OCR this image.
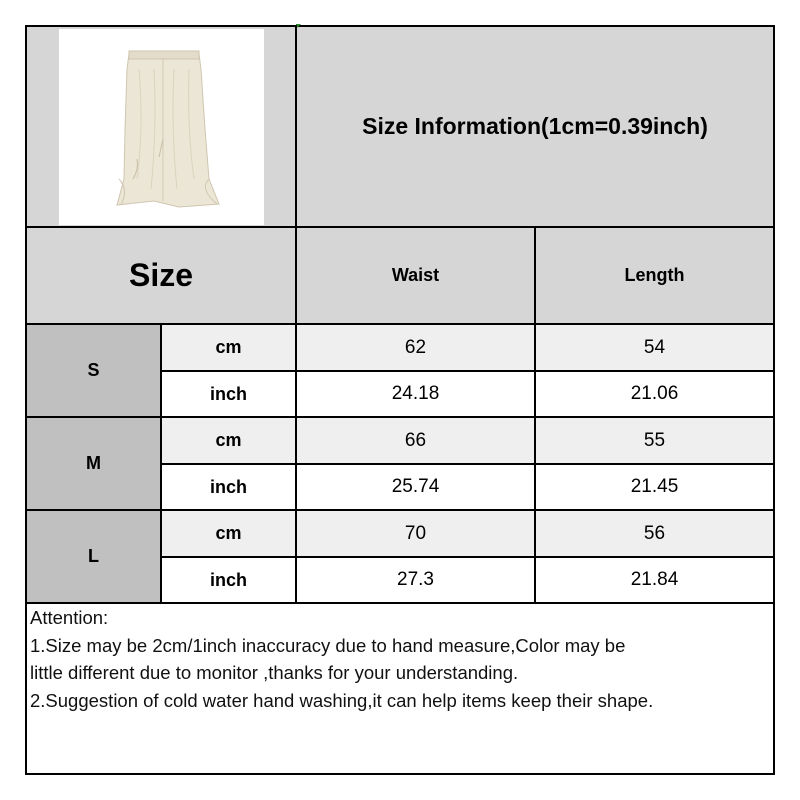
Size Information(1cm=0.39inch)
Size	Waist	Length
S
cm	62	54
inch	24.18	21.06
M
cm	66	55
inch	25.74	21.45
L
cm	70	56
inch	27.3	21.84
Attention:
1.Size may be 2cm/1inch inaccuracy due to hand measure,Color may be
little different due to monitor ,thanks for your understanding.
2.Suggestion of cold water hand washing,it can help items keep their shape.
